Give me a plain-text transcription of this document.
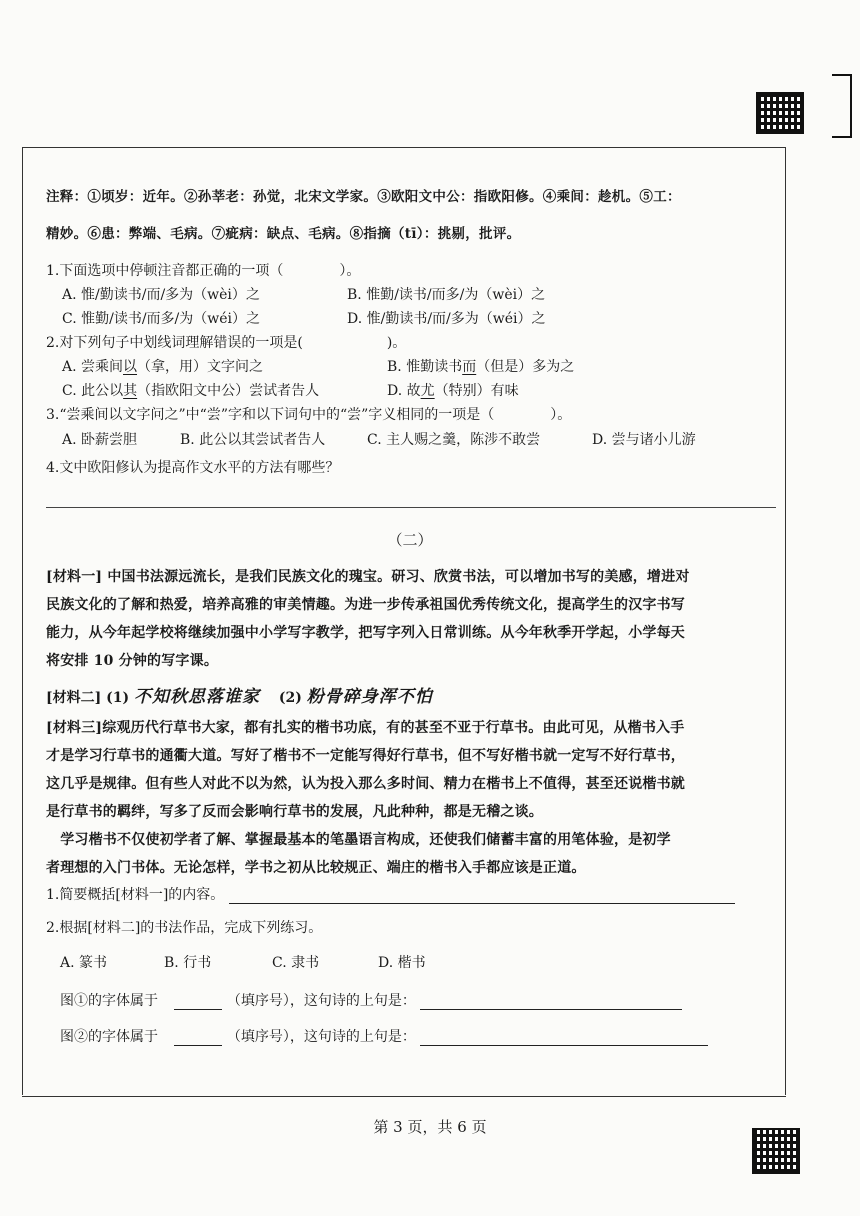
注释：①顷岁：近年。②孙莘老：孙觉，北宋文学家。③欧阳文中公：指欧阳修。④乘间：趁机。⑤工：
精妙。⑥患：弊端、毛病。⑦疵病：缺点、毛病。⑧指摘（tī）：挑剔，批评。
1.下面选项中停顿注音都正确的一项（　　　　）。
A. 惟/勤读书/而/多为（wèi）之	B. 惟勤/读书/而多/为（wèi）之
C. 惟勤/读书/而多/为（wéi）之	D. 惟/勤读书/而/多为（wéi）之
2.对下列句子中划线词理解错误的一项是(　　　　　　)。
A. 尝乘间以（拿，用）文字问之	B. 惟勤读书而（但是）多为之
C. 此公以其（指欧阳文中公）尝试者告人	D. 故尤（特别）有味
3.“尝乘间以文字问之”中“尝”字和以下词句中的“尝”字义相同的一项是（　　　　）。
A. 卧薪尝胆	B. 此公以其尝试者告人	C. 主人赐之羹，陈涉不敢尝	D. 尝与诸小儿游
4.文中欧阳修认为提高作文水平的方法有哪些？
（二）
[材料一] 中国书法源远流长，是我们民族文化的瑰宝。研习、欣赏书法，可以增加书写的美感，增进对
民族文化的了解和热爱，培养高雅的审美情趣。为进一步传承祖国优秀传统文化，提高学生的汉字书写
能力，从今年起学校将继续加强中小学写字教学，把写字列入日常训练。从今年秋季开学起，小学每天
将安排 10 分钟的写字课。
[材料二] (1) 不知秋思落谁家 (2) 粉骨碎身浑不怕
[材料三]综观历代行草书大家，都有扎实的楷书功底，有的甚至不亚于行草书。由此可见，从楷书入手
才是学习行草书的通衢大道。写好了楷书不一定能写得好行草书，但不写好楷书就一定写不好行草书，
这几乎是规律。但有些人对此不以为然，认为投入那么多时间、精力在楷书上不值得，甚至还说楷书就
是行草书的羁绊，写多了反而会影响行草书的发展，凡此种种，都是无稽之谈。
　学习楷书不仅使初学者了解、掌握最基本的笔墨语言构成，还使我们储蓄丰富的用笔体验，是初学
者理想的入门书体。无论怎样，学书之初从比较规正、端庄的楷书入手都应该是正道。
1.简要概括[材料一]的内容。
2.根据[材料二]的书法作品，完成下列练习。
A. 篆书	B. 行书	C. 隶书	D. 楷书
图①的字体属于	（填序号），这句诗的上句是：
图②的字体属于	（填序号），这句诗的上句是：
第 3 页，共 6 页
